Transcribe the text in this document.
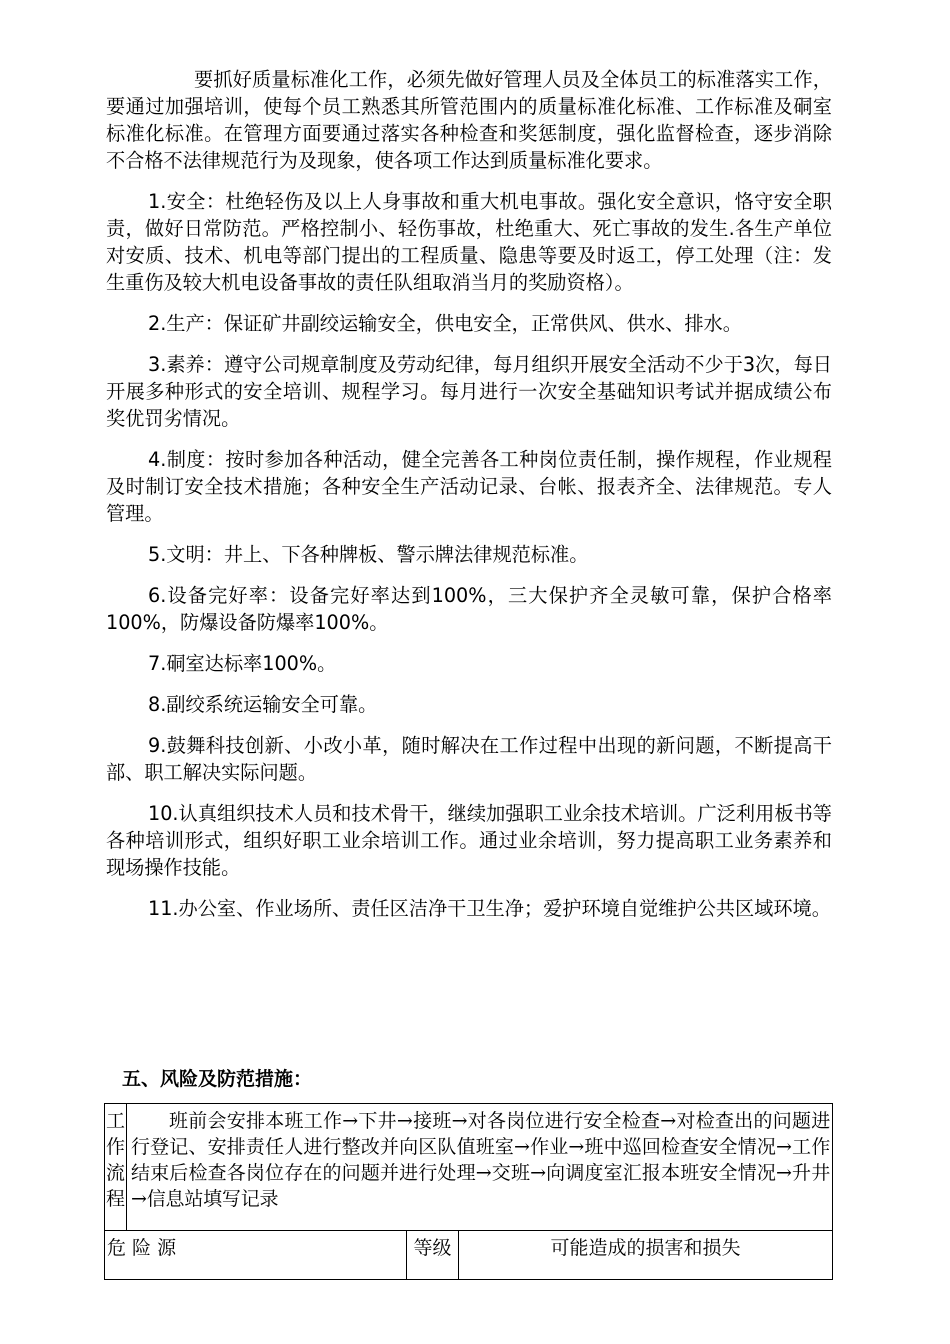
要抓好质量标准化工作，必须先做好管理人员及全体员工的标准落实工作，要通过加强培训，使每个员工熟悉其所管范围内的质量标准化标准、工作标准及硐室标准化标准。在管理方面要通过落实各种检查和奖惩制度，强化监督检查，逐步消除不合格不法律规范行为及现象，使各项工作达到质量标准化要求。

1.安全：杜绝轻伤及以上人身事故和重大机电事故。强化安全意识，恪守安全职责，做好日常防范。严格控制小、轻伤事故，杜绝重大、死亡事故的发生.各生产单位对安质、技术、机电等部门提出的工程质量、隐患等要及时返工，停工处理（注：发生重伤及较大机电设备事故的责任队组取消当月的奖励资格）。

2.生产：保证矿井副绞运输安全，供电安全，正常供风、供水、排水。

3.素养：遵守公司规章制度及劳动纪律，每月组织开展安全活动不少于3次，每日开展多种形式的安全培训、规程学习。每月进行一次安全基础知识考试并据成绩公布奖优罚劣情况。

4.制度：按时参加各种活动，健全完善各工种岗位责任制，操作规程，作业规程 及时制订安全技术措施；各种安全生产活动记录、台帐、报表齐全、法律规范。专人管理。

5.文明：井上、下各种牌板、警示牌法律规范标准。

6.设备完好率：设备完好率达到100%，三大保护齐全灵敏可靠，保护合格率100%，防爆设备防爆率100%。

7.硐室达标率100%。

8.副绞系统运输安全可靠。

9.鼓舞科技创新、小改小革，随时解决在工作过程中出现的新问题，不断提高干部、职工解决实际问题。

10.认真组织技术人员和技术骨干，继续加强职工业余技术培训。广泛利用板书等各种培训形式，组织好职工业余培训工作。通过业余培训，努力提高职工业务素养和现场操作技能。

11.办公室、作业场所、责任区洁净干卫生净；爱护环境自觉维护公共区域环境。

五、风险及防范措施：
工作流程	班前会安排本班工作→下井→接班→对各岗位进行安全检查→对检查出的问题进行登记、安排责任人进行整改并向区队值班室→作业→班中巡回检查安全情况→工作结束后检查各岗位存在的问题并进行处理→交班→向调度室汇报本班安全情况→升井→信息站填写记录		
危 险 源		等级	可能造成的损害和损失
